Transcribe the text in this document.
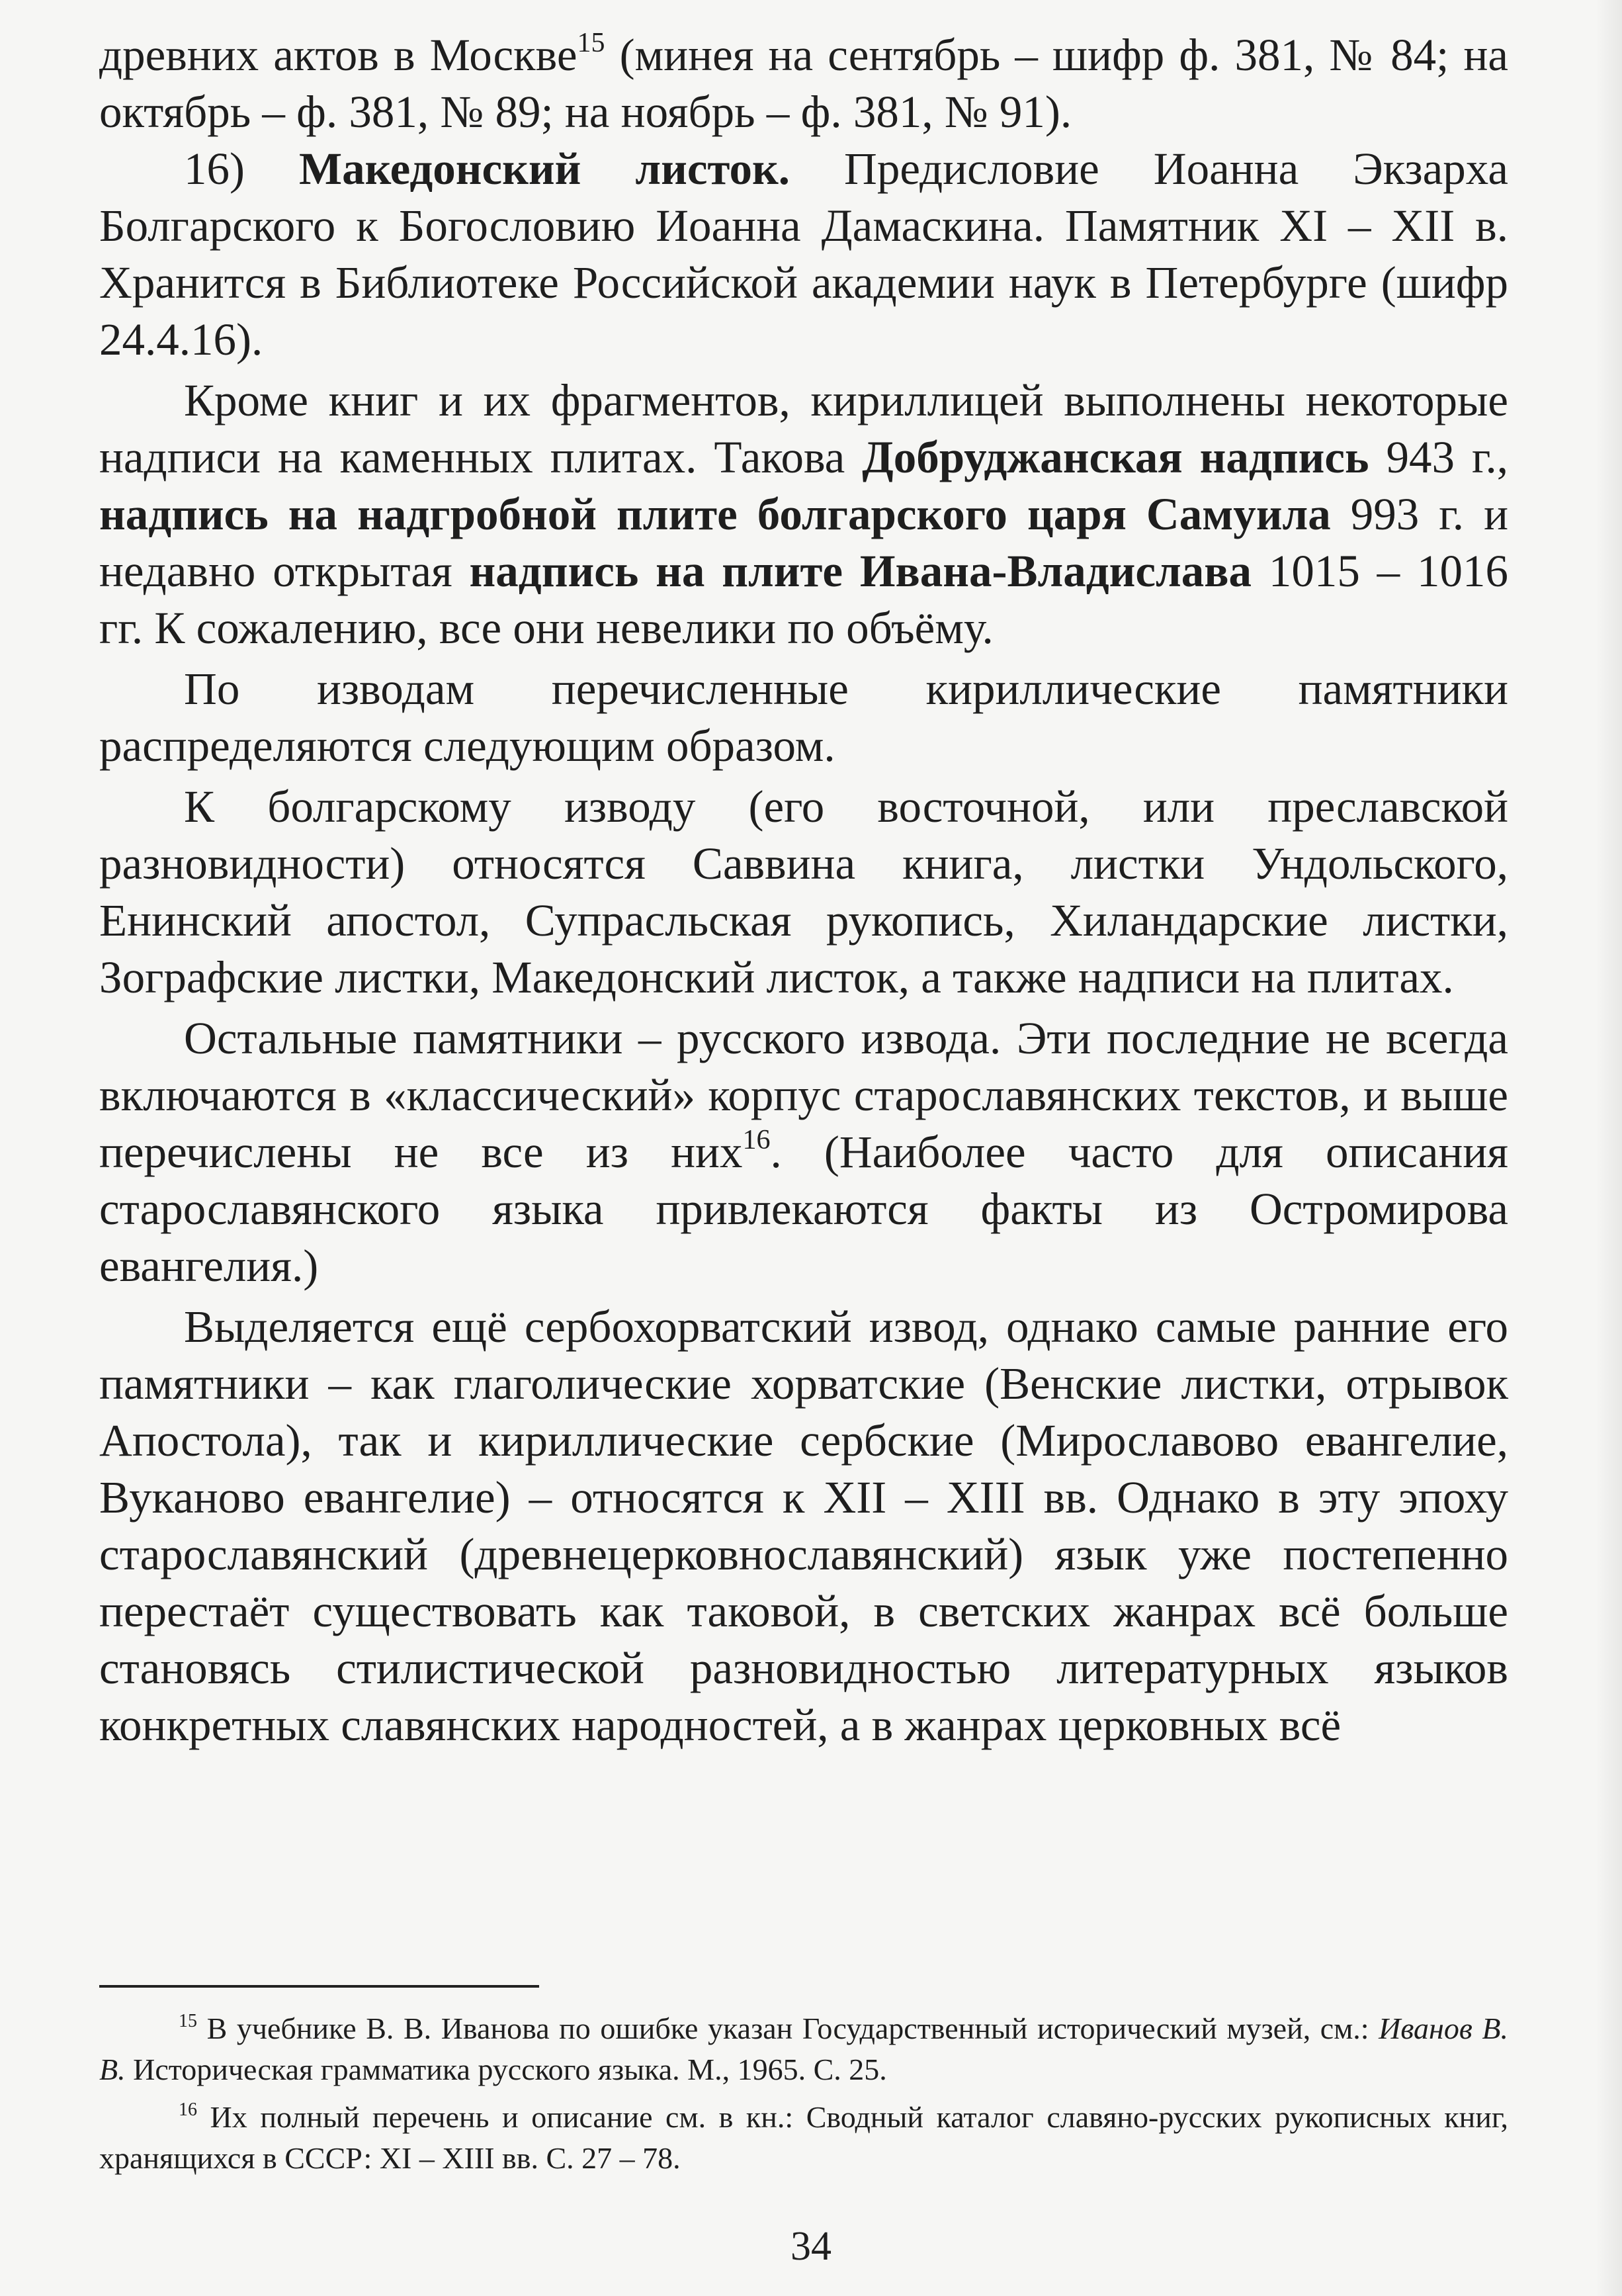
древних актов в Москве$^{15}$ (минея на сентябрь – шифр ф. 381, № 84; на октябрь – ф. 381, № 89; на ноябрь – ф. 381, № 91).

16) Македонский листок. Предисловие Иоанна Экзарха Болгарского к Богословию Иоанна Дамаскина. Памятник XI – XII в. Хранится в Библиотеке Российской академии наук в Петербурге (шифр 24.4.16).

Кроме книг и их фрагментов, кириллицей выполнены некоторые надписи на каменных плитах. Такова Добруджанская надпись 943 г., надпись на надгробной плите болгарского царя Самуила 993 г. и недавно открытая надпись на плите Ивана-Владислава 1015 – 1016 гг. К сожалению, все они невелики по объёму.

По изводам перечисленные кириллические памятники распределяются следующим образом.

К болгарскому изводу (его восточной, или преславской разновидности) относятся Саввина книга, листки Ундольского, Енинский апостол, Супрасльская рукопись, Хиландарские листки, Зографские листки, Македонский листок, а также надписи на плитах.

Остальные памятники – русского извода. Эти последние не всегда включаются в «классический» корпус старославянских текстов, и выше перечислены не все из них$^{16}$. (Наиболее часто для описания старославянского языка привлекаются факты из Остромирова евангелия.)

Выделяется ещё сербохорватский извод, однако самые ранние его памятники – как глаголические хорватские (Венские листки, отрывок Апостола), так и кириллические сербские (Мирославово евангелие, Вуканово евангелие) – относятся к XII – XIII вв. Однако в эту эпоху старославянский (древнецерковнославянский) язык уже постепенно перестаёт существовать как таковой, в светских жанрах всё больше становясь стилистической разновидностью литературных языков конкретных славянских народностей, а в жанрах церковных всё

$^{15}$ В учебнике В. В. Иванова по ошибке указан Государственный исторический музей, см.: Иванов В. В. Историческая грамматика русского языка. М., 1965. С. 25.

$^{16}$ Их полный перечень и описание см. в кн.: Сводный каталог славяно-русских рукописных книг, хранящихся в СССР: XI – XIII вв. С. 27 – 78.

34
